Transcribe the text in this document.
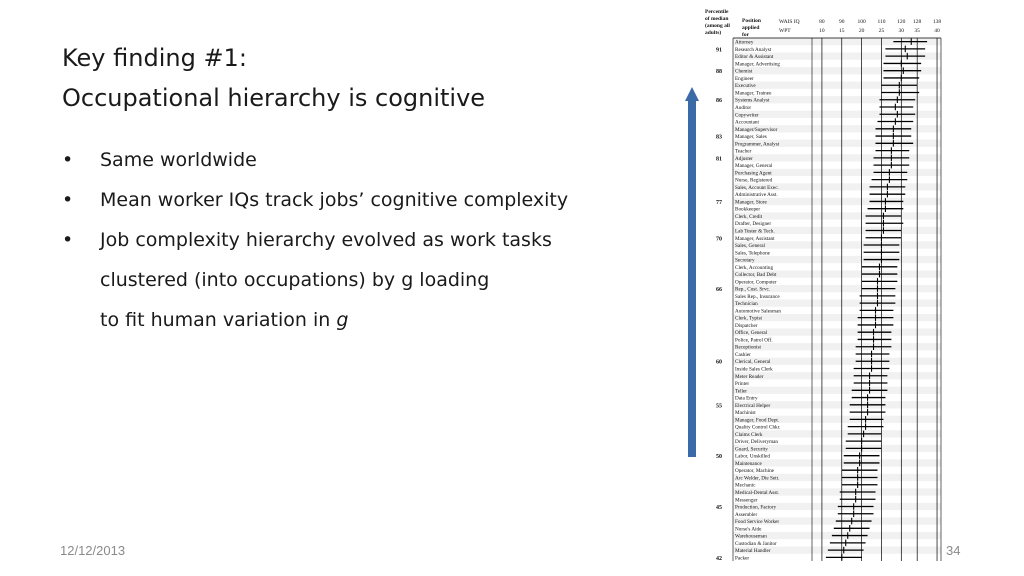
Key finding #1:
Occupational hierarchy is cognitive
• Same worldwide
• Mean worker IQs track jobs’ cognitive complexity
• Job complexity hierarchy evolved as work tasks
clustered (into occupations) by g loading
to fit human variation in g
Percentile
of median
(among all
adults)
Position
applied
for
WAIS IQ
WPT
80
10
90
15
100
20
110
25
120
30
128
35
138
40
Attorney
Research Analyst
Editor & Assistant
Manager, Advertising
Chemist
Engineer
Executive
Manager, Trainee
Systems Analyst
Auditor
Copywriter
Accountant
Manager/Supervisor
Manager, Sales
Programmer, Analyst
Teacher
Adjuster
Manager, General
Purchasing Agent
Nurse, Registered
Sales, Account Exec.
Administrative Asst.
Manager, Store
Bookkeeper
Clerk, Credit
Drafter, Designer
Lab Tester & Tech.
Manager, Assistant
Sales, General
Sales, Telephone
Secretary
Clerk, Accounting
Collector, Bad Debt
Operator, Computer
Rep., Cust. Srvc.
Sales Rep., Insurance
Technician
Automotive Salesman
Clerk, Typist
Dispatcher
Office, General
Police, Patrol Off.
Receptionist
Cashier
Clerical, General
Inside Sales Clerk
Meter Reader
Printer
Teller
Data Entry
Electrical Helper
Machinist
Manager, Food Dept.
Quality Control Chkr.
Claims Clerk
Driver, Deliveryman
Guard, Security
Labor, Unskilled
Maintenance
Operator, Machine
Arc Welder, Die Sett.
Mechanic
Medical-Dental Asst.
Messenger
Production, Factory
Assembler
Food Service Worker
Nurse's Aide
Warehouseman
Custodian & Janitor
Material Handler
Packer
91
88
86
83
81
77
70
66
60
55
50
45
42
12/12/2013	34
